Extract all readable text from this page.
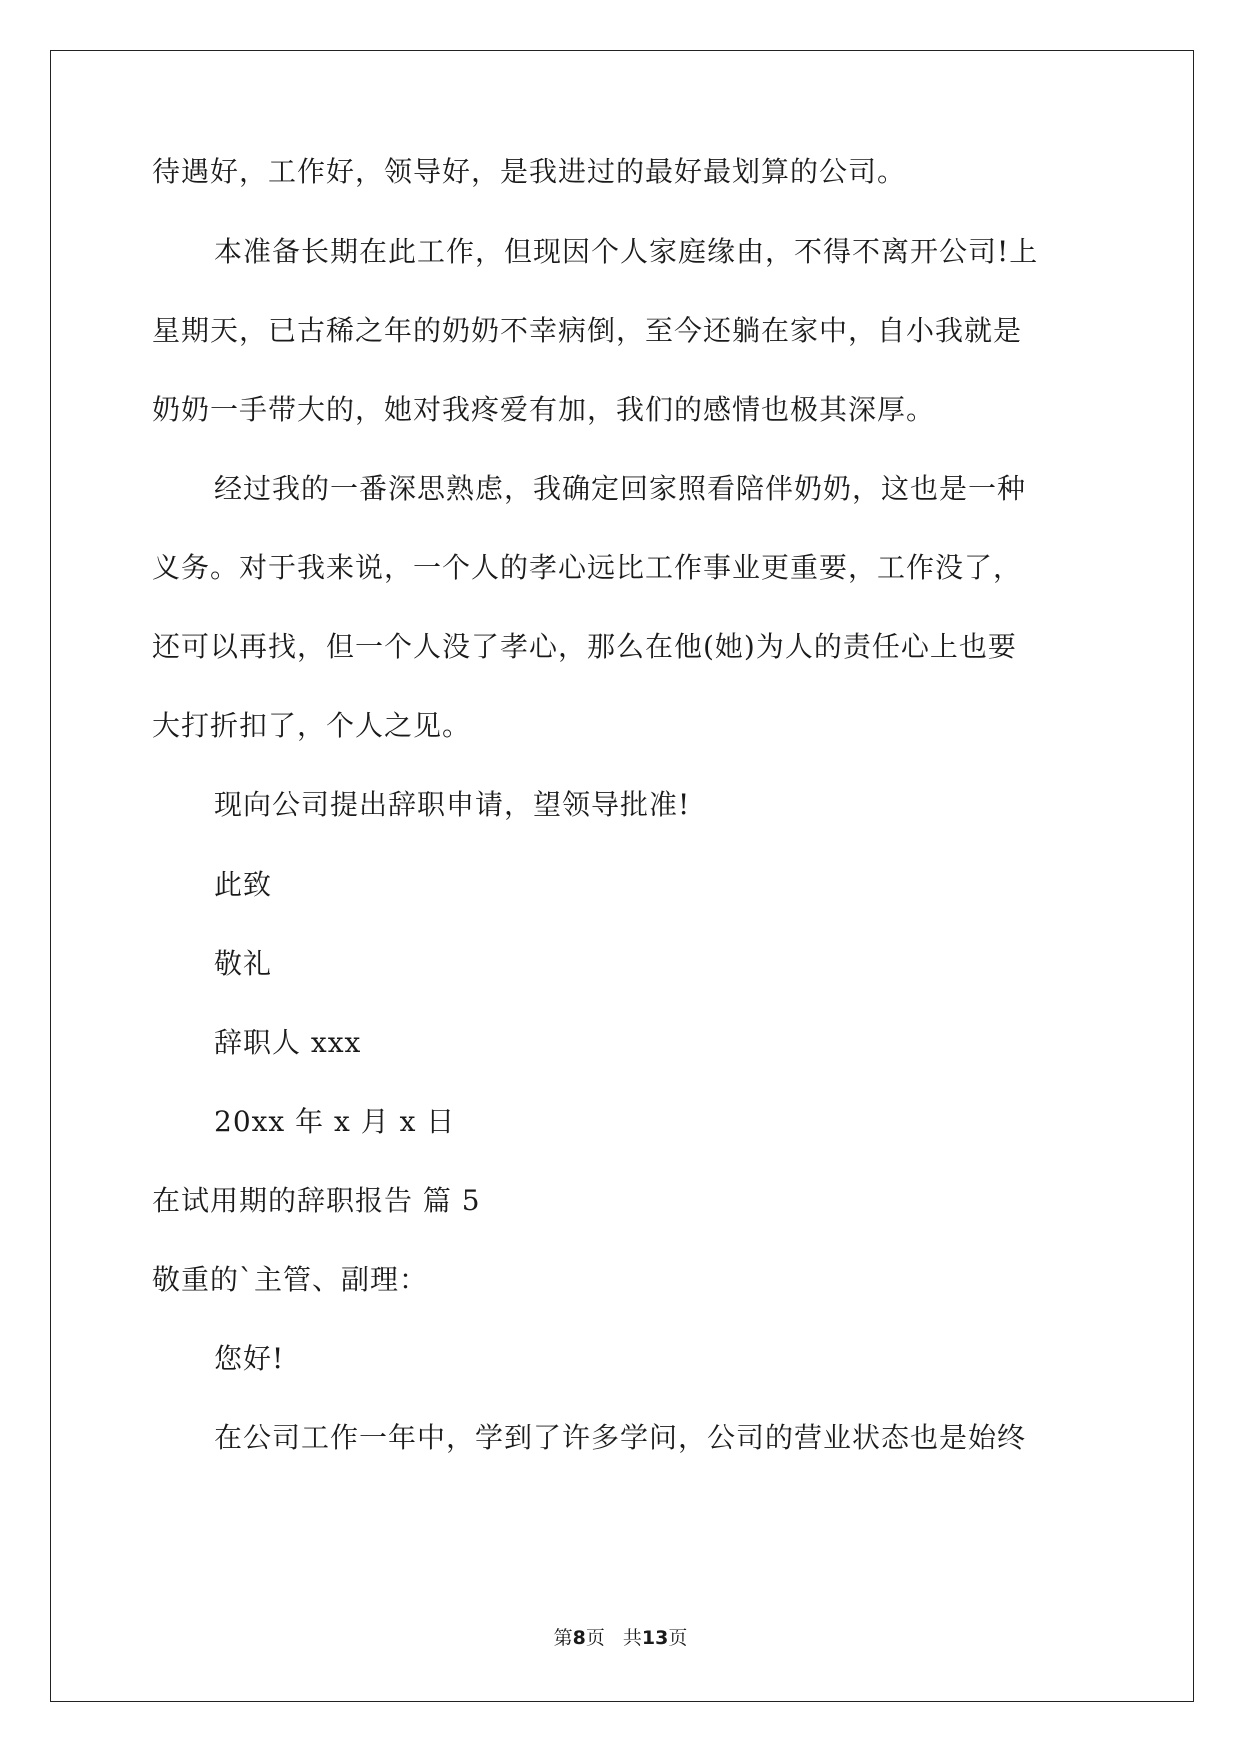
待遇好，工作好，领导好，是我进过的最好最划算的公司。
本准备长期在此工作，但现因个人家庭缘由，不得不离开公司!上
星期天，已古稀之年的奶奶不幸病倒，至今还躺在家中，自小我就是
奶奶一手带大的，她对我疼爱有加，我们的感情也极其深厚。
经过我的一番深思熟虑，我确定回家照看陪伴奶奶，这也是一种
义务。对于我来说，一个人的孝心远比工作事业更重要，工作没了，
还可以再找，但一个人没了孝心，那么在他(她)为人的责任心上也要
大打折扣了，个人之见。
现向公司提出辞职申请，望领导批准!
此致
敬礼
辞职人 xxx
20xx 年 x 月 x 日
在试用期的辞职报告 篇 5
敬重的`主管、副理：
您好!
在公司工作一年中，学到了许多学问，公司的营业状态也是始终
第8页 共13页
